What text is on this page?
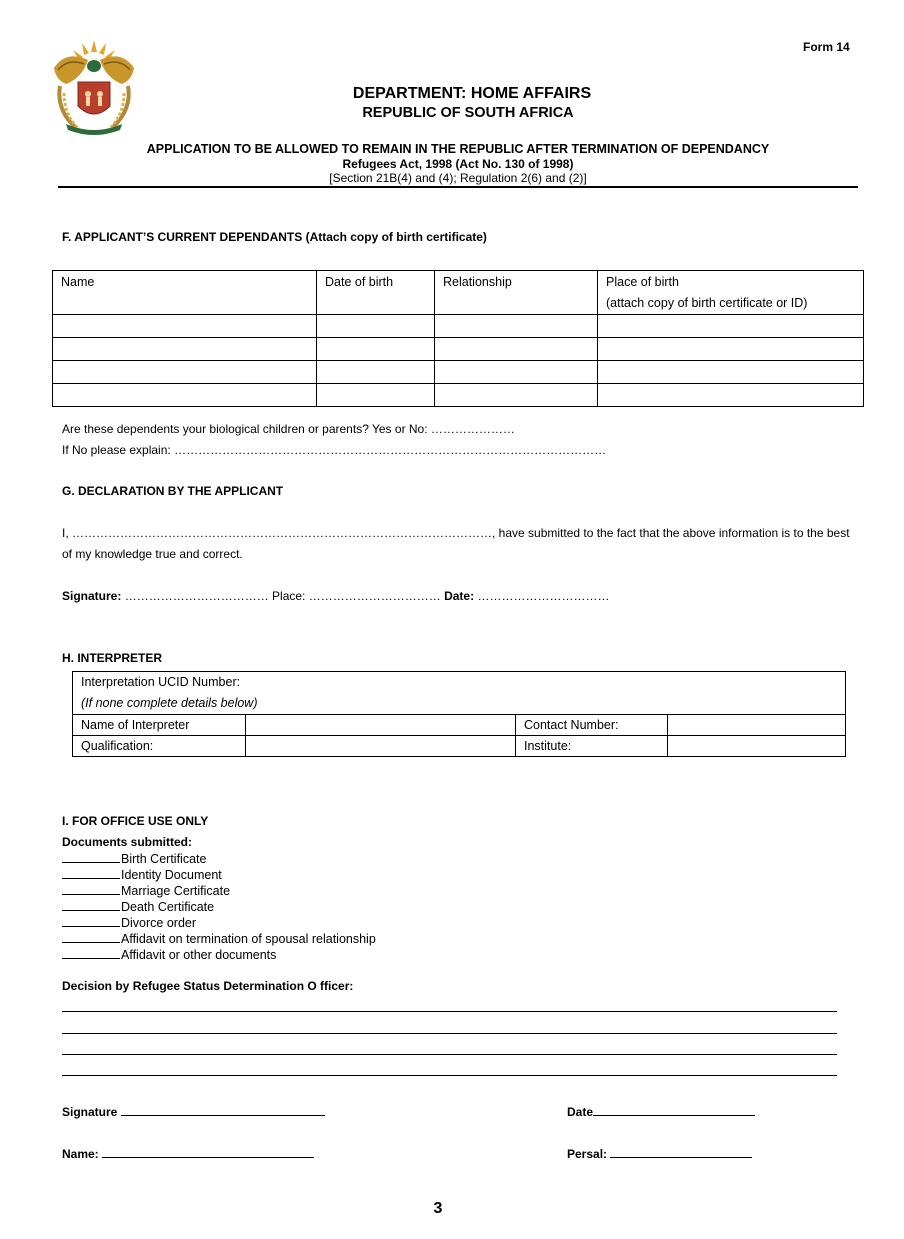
Form 14
DEPARTMENT: HOME AFFAIRS
REPUBLIC OF SOUTH AFRICA
APPLICATION TO BE ALLOWED TO REMAIN IN THE REPUBLIC AFTER TERMINATION OF DEPENDANCY
Refugees Act, 1998 (Act No. 130 of 1998)
[Section 21B(4) and (4); Regulation 2(6) and (2)]
F. APPLICANT’S CURRENT DEPENDANTS (Attach copy of birth certificate)
Name	Date of birth	Relationship	Place of birth
(attach copy of birth certificate or ID)

Are these dependents your biological children or parents? Yes or No: …………………
If No please explain: ………………………………………………………………………………………………
G. DECLARATION BY THE APPLICANT
I, ……………………………………………………………………………………………, have submitted to the fact that the above information is to the best
of my knowledge true and correct.
Signature: ……………………………… Place: …………………………… Date: ……………………………
H. INTERPRETER
Interpretation UCID Number:
(If none complete details below)			

Name of Interpreter		Contact Number:	
Qualification:		Institute:	
I. FOR OFFICE USE ONLY
Documents submitted:
Birth Certificate
Identity Document
Marriage Certificate
Death Certificate
Divorce order
Affidavit on termination of spousal relationship
Affidavit or other documents
Decision by Refugee Status Determination O fficer:
Signature	Date
Name:	Persal:
3
